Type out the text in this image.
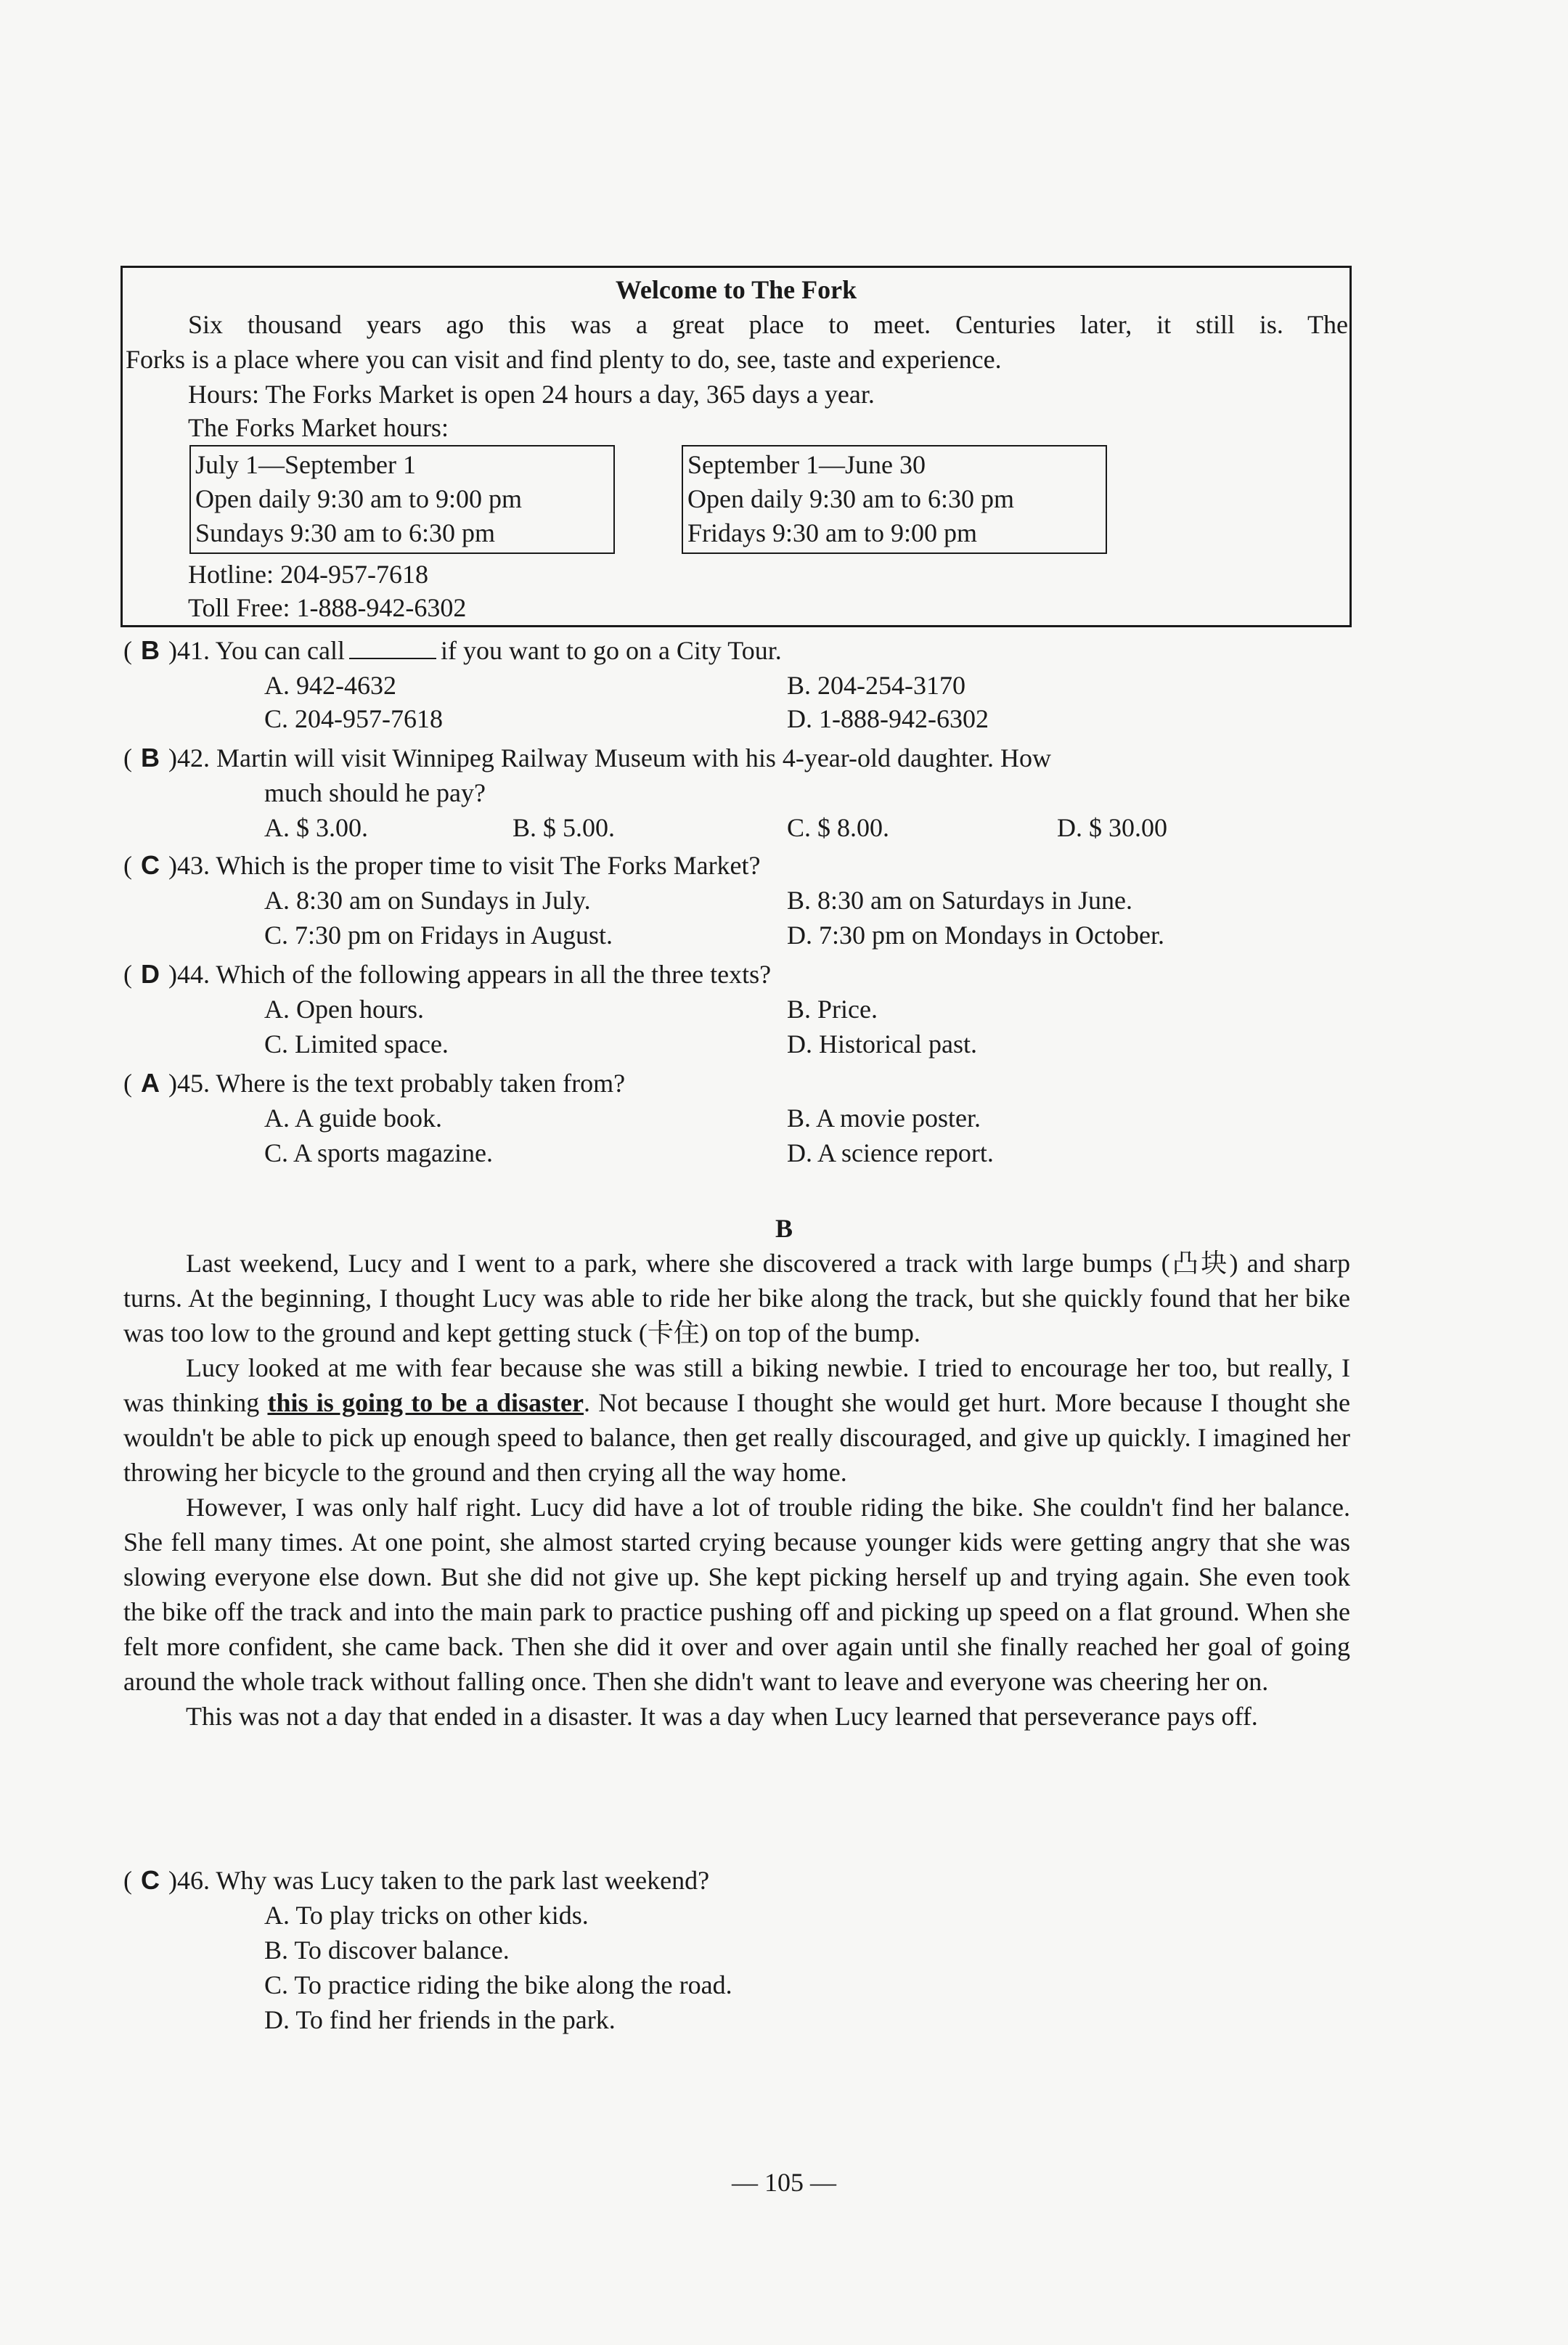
Welcome to The Fork
Six thousand years ago this was a great place to meet. Centuries later, it still is. The
Forks is a place where you can visit and find plenty to do, see, taste and experience.
Hours: The Forks Market is open 24 hours a day, 365 days a year.
The Forks Market hours:
July 1—September 1
Open daily 9:30 am to 9:00 pm
Sundays 9:30 am to 6:30 pm
September 1—June 30
Open daily 9:30 am to 6:30 pm
Fridays 9:30 am to 9:00 pm
Hotline: 204-957-7618
Toll Free: 1-888-942-6302
( B )41. You can call	if you want to go on a City Tour.
A. 942-4632	B. 204-254-3170
C. 204-957-7618	D. 1-888-942-6302
( B )42. Martin will visit Winnipeg Railway Museum with his 4-year-old daughter. How
much should he pay?
A. $ 3.00.	B. $ 5.00.	C. $ 8.00.	D. $ 30.00
( C )43. Which is the proper time to visit The Forks Market?
A. 8:30 am on Sundays in July.	B. 8:30 am on Saturdays in June.
C. 7:30 pm on Fridays in August.	D. 7:30 pm on Mondays in October.
( D )44. Which of the following appears in all the three texts?
A. Open hours.	B. Price.
C. Limited space.	D. Historical past.
( A )45. Where is the text probably taken from?
A. A guide book.	B. A movie poster.
C. A sports magazine.	D. A science report.
B

Last weekend, Lucy and I went to a park, where she discovered a track with large bumps (凸块) and sharp turns. At the beginning, I thought Lucy was able to ride her bike along the track, but she quickly found that her bike was too low to the ground and kept getting stuck (卡住) on top of the bump.

Lucy looked at me with fear because she was still a biking newbie. I tried to encourage her too, but really, I was thinking this is going to be a disaster. Not because I thought she would get hurt. More because I thought she wouldn't be able to pick up enough speed to balance, then get really discouraged, and give up quickly. I imagined her throwing her bicycle to the ground and then crying all the way home.

However, I was only half right. Lucy did have a lot of trouble riding the bike. She couldn't find her balance. She fell many times. At one point, she almost started crying because younger kids were getting angry that she was slowing everyone else down. But she did not give up. She kept picking herself up and trying again. She even took the bike off the track and into the main park to practice pushing off and picking up speed on a flat ground. When she felt more confident, she came back. Then she did it over and over again until she finally reached her goal of going around the whole track without falling once. Then she didn't want to leave and everyone was cheering her on.

This was not a day that ended in a disaster. It was a day when Lucy learned that perseverance pays off.

( C )46. Why was Lucy taken to the park last weekend?
A. To play tricks on other kids.
B. To discover balance.
C. To practice riding the bike along the road.
D. To find her friends in the park.
— 105 —
